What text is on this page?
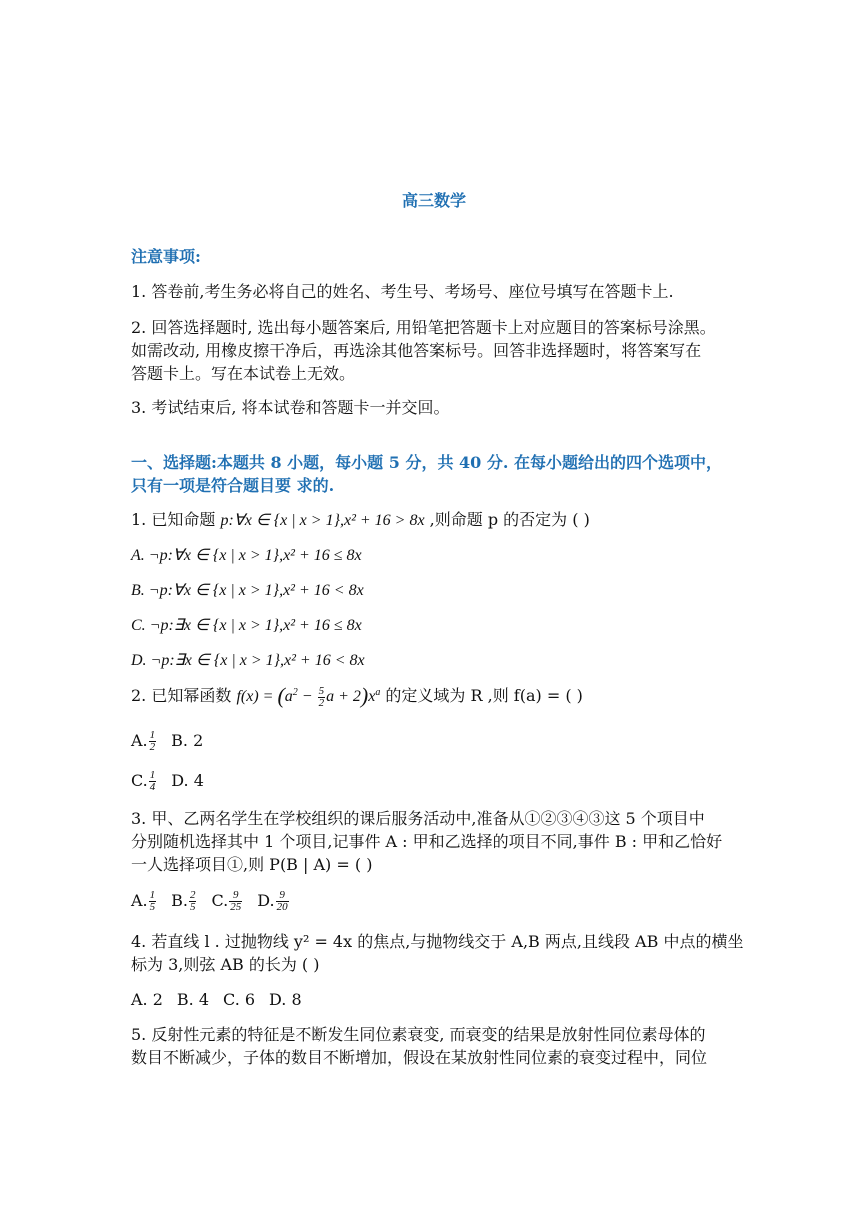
高三数学
注意事项:
1. 答卷前,考生务必将自己的姓名、考生号、考场号、座位号填写在答题卡上.
2. 回答选择题时, 选出每小题答案后, 用铅笔把答题卡上对应题目的答案标号涂黑。
如需改动, 用橡皮擦干净后，再选涂其他答案标号。回答非选择题时，将答案写在
答题卡上。写在本试卷上无效。
3. 考试结束后, 将本试卷和答题卡一并交回。
一、选择题:本题共 8 小题，每小题 5 分，共 40 分. 在每小题给出的四个选项中，
只有一项是符合题目要 求的.
1. 已知命题 p:∀x ∈ {x | x > 1},x² + 16 > 8x ,则命题 p 的否定为 ( )
A. ¬p:∀x ∈ {x | x > 1},x² + 16 ≤ 8x
B. ¬p:∀x ∈ {x | x > 1},x² + 16 < 8x
C. ¬p:∃x ∈ {x | x > 1},x² + 16 ≤ 8x
D. ¬p:∃x ∈ {x | x > 1},x² + 16 < 8x
2. 已知幂函数 $f(x) = (a^2 - \frac{5}{2}$ $a + 2)x^a$ 的定义域为 R ,则 f(a) = ( )
A. $\frac{1}{2} B$. 2
C. $\frac{1}{4} D$. 4
3. 甲、乙两名学生在学校组织的课后服务活动中,准备从①②③④③这 5 个项目中
分别随机选择其中 1 个项目,记事件 A : 甲和乙选择的项目不同,事件 B : 甲和乙恰好
一人选择项目①,则 P(B | A) = ( )
A. $\frac{1}{5} B$. $\frac{2}{5} C$. $\frac{9}{25} D$. $\frac{9}{20}$
4. 若直线 l . 过抛物线 y² = 4x 的焦点,与抛物线交于 A,B 两点,且线段 AB 中点的横坐
标为 3,则弦 AB 的长为 ( )
A. 2 B. 4 C. 6 D. 8
5. 反射性元素的特征是不断发生同位素衰变, 而衰变的结果是放射性同位素母体的
数目不断减少，子体的数目不断增加，假设在某放射性同位素的衰变过程中，同位
